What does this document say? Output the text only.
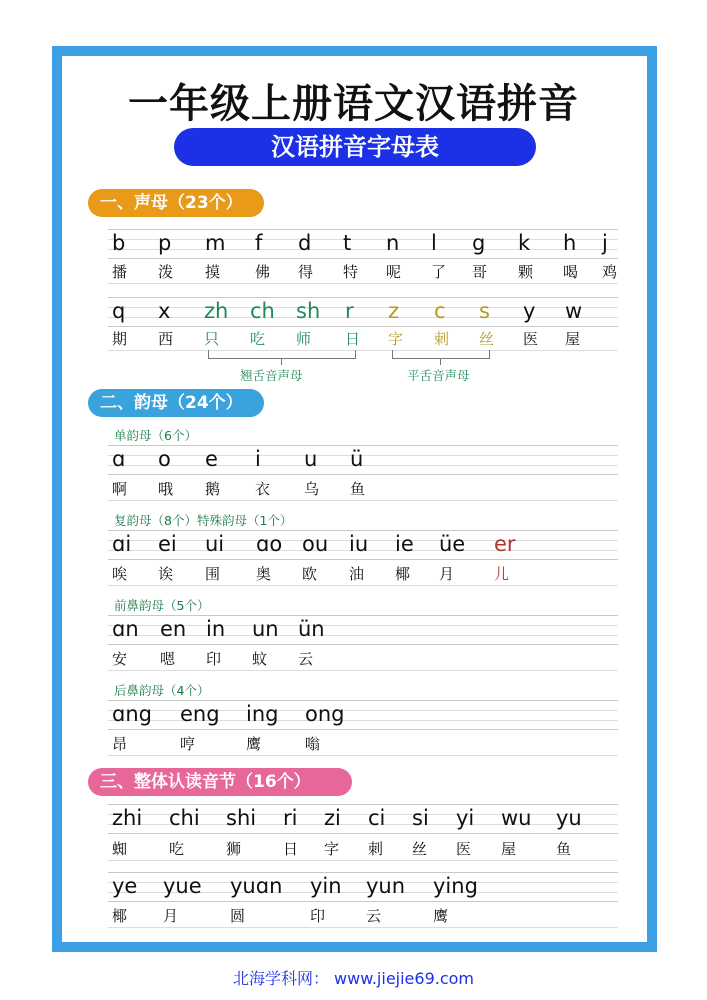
一年级上册语文汉语拼音
汉语拼音字母表
一、声母（23个）
b p m f d t n l g k h j
播 泼 摸 佛 得 特 呢 了 哥 颗 喝 鸡
q x zh ch sh r z c s y w
期 西 只 吃 师 日 字 刺 丝 医 屋
翘舌音声母	平舌音声母
二、韵母（24个）
单韵母（6个）
ɑ o e i u ü
啊 哦 鹅 衣 乌 鱼
复韵母（8个）特殊韵母（1个）
ɑi ei ui ɑo ou iu ie üe er
唉 诶 围 奥 欧 油 椰 月	儿
前鼻韵母（5个）
ɑn en in un ün
安 嗯 印 蚊 云
后鼻韵母（4个）
ɑng eng ing ong
昂	哼	鹰	嗡
三、整体认读音节（16个）
zhi chi shi ri zi ci si yi wu yu
蜘	吃	狮	日 字 刺 丝 医 屋	鱼
ye yue yuɑn yin yun ying
椰 月	圆	印	云	鹰
北海学科网： www.jiejie69.com
